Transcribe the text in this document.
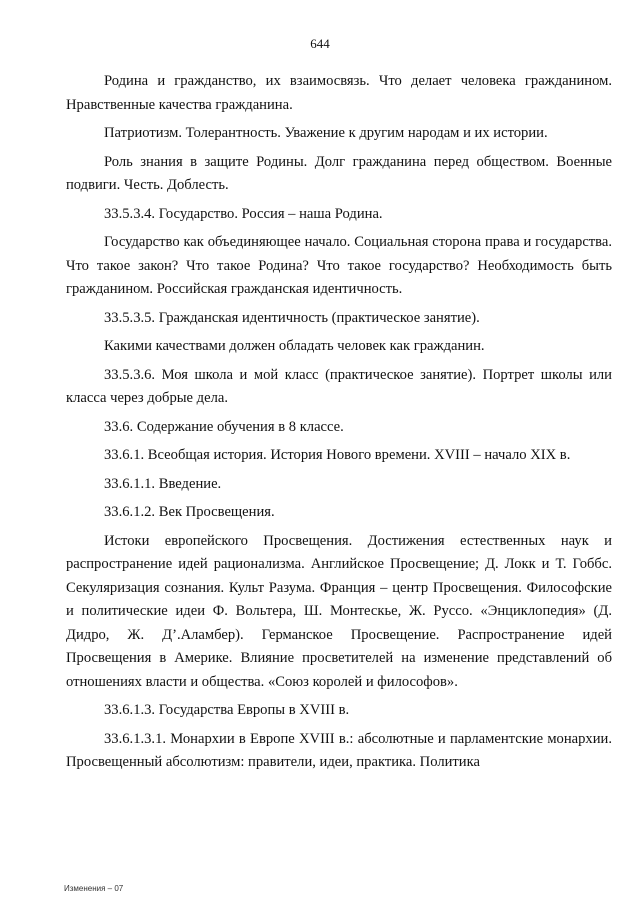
644

Родина и гражданство, их взаимосвязь. Что делает человека гражданином. Нравственные качества гражданина.

Патриотизм. Толерантность. Уважение к другим народам и их истории.

Роль знания в защите Родины. Долг гражданина перед обществом. Военные подвиги. Честь. Доблесть.

33.5.3.4. Государство. Россия – наша Родина.

Государство как объединяющее начало. Социальная сторона права и государства. Что такое закон? Что такое Родина? Что такое государство? Необходимость быть гражданином. Российская гражданская идентичность.

33.5.3.5. Гражданская идентичность (практическое занятие).

Какими качествами должен обладать человек как гражданин.

33.5.3.6. Моя школа и мой класс (практическое занятие). Портрет школы или класса через добрые дела.

33.6. Содержание обучения в 8 классе.

33.6.1. Всеобщая история. История Нового времени. XVIII – начало XIX в.

33.6.1.1. Введение.

33.6.1.2. Век Просвещения.

Истоки европейского Просвещения. Достижения естественных наук и распространение идей рационализма. Английское Просвещение; Д. Локк и Т. Гоббс. Секуляризация сознания. Культ Разума. Франция – центр Просвещения. Философские и политические идеи Ф. Вольтера, Ш. Монтескье, Ж. Руссо. «Энциклопедия» (Д. Дидро, Ж. Д’.Аламбер). Германское Просвещение. Распространение идей Просвещения в Америке. Влияние просветителей на изменение представлений об отношениях власти и общества. «Союз королей и философов».

33.6.1.3. Государства Европы в XVIII в.

33.6.1.3.1. Монархии в Европе XVIII в.: абсолютные и парламентские монархии. Просвещенный абсолютизм: правители, идеи, практика. Политика

Изменения – 07
